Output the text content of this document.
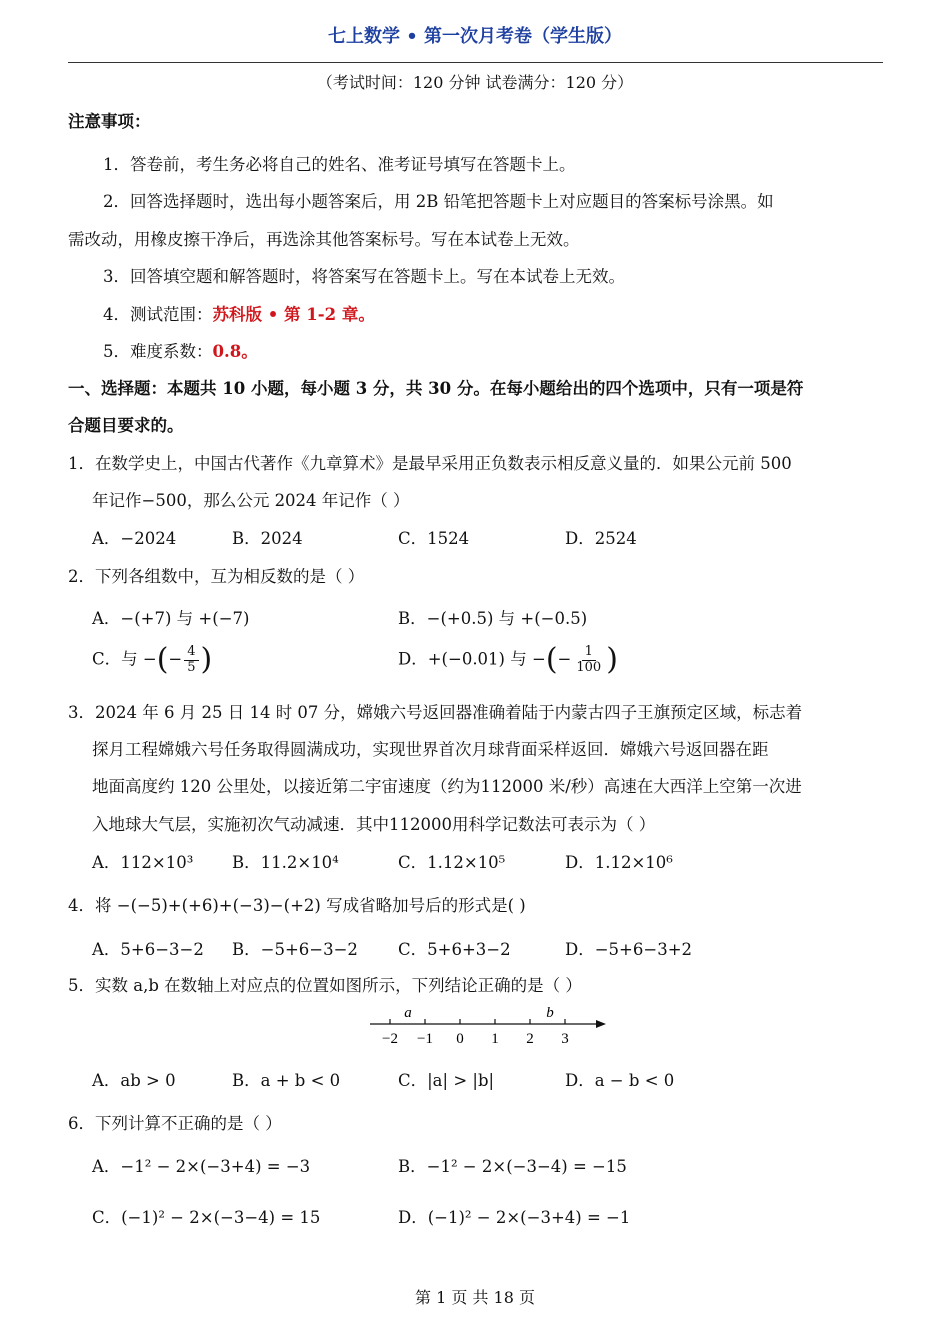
七上数学 • 第一次月考卷（学生版）
（考试时间：120 分钟 试卷满分：120 分）
注意事项：
1．答卷前，考生务必将自己的姓名、准考证号填写在答题卡上。
2．回答选择题时，选出每小题答案后，用 2B 铅笔把答题卡上对应题目的答案标号涂黑。如
需改动，用橡皮擦干净后，再选涂其他答案标号。写在本试卷上无效。
3．回答填空题和解答题时，将答案写在答题卡上。写在本试卷上无效。
4．测试范围：苏科版 • 第 1-2 章。
5．难度系数：0.8。
一、选择题：本题共 10 小题，每小题 3 分，共 30 分。在每小题给出的四个选项中，只有一项是符
合题目要求的。
1．在数学史上，中国古代著作《九章算术》是最早采用正负数表示相反意义量的．如果公元前 500
年记作−500，那么公元 2024 年记作（ ）
A．−2024	B．2024	C．1524	D．2524
2．下列各组数中，互为相反数的是（ ）
A．−(+7) 与 +(−7)	B．−(+0.5) 与 +(−0.5)
C．与 −(− $\frac{4}{5}$ )	D．+(−0.01) 与 −(− $\frac{1}{100}$ )
3．2024 年 6 月 25 日 14 时 07 分，嫦娥六号返回器准确着陆于内蒙古四子王旗预定区域，标志着
探月工程嫦娥六号任务取得圆满成功，实现世界首次月球背面采样返回．嫦娥六号返回器在距
地面高度约 120 公里处，以接近第二宇宙速度（约为112000 米/秒）高速在大西洋上空第一次进
入地球大气层，实施初次气动减速．其中112000用科学记数法可表示为（ ）
A．112×10³ B．11.2×10⁴	C．1.12×10⁵	D．1.12×10⁶
4．将 −(−5)+(+6)+(−3)−(+2) 写成省略加号后的形式是( )
A．5+6−3−2 B．−5+6−3−2 C．5+6+3−2	D．−5+6−3+2
5．实数 a,b 在数轴上对应点的位置如图所示，下列结论正确的是（ ）
−2 −1 0 1 2 3
a	b
A．ab > 0	B．a + b < 0	C．|a| > |b|	D．a − b < 0
6．下列计算不正确的是（ ）
A．−1² − 2×(−3+4) = −3	B．−1² − 2×(−3−4) = −15
C．(−1)² − 2×(−3−4) = 15	D．(−1)² − 2×(−3+4) = −1
第 1 页 共 18 页
